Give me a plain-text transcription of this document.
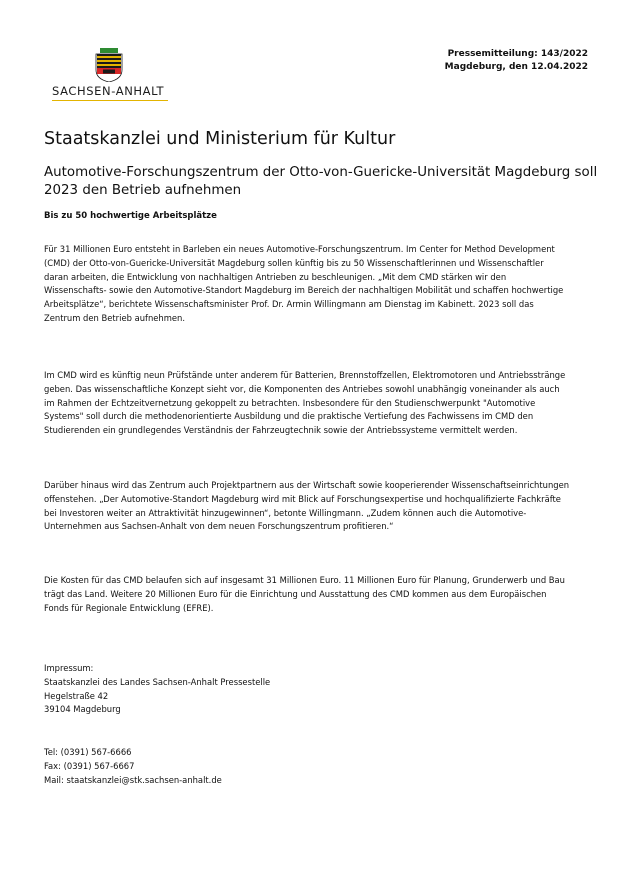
SACHSEN-ANHALT
Pressemitteilung: 143/2022
Magdeburg, den 12.04.2022
Staatskanzlei und Ministerium für Kultur
Automotive-Forschungszentrum der Otto-von-Guericke-Universität Magdeburg soll
2023 den Betrieb aufnehmen
Bis zu 50 hochwertige Arbeitsplätze
Für 31 Millionen Euro entsteht in Barleben ein neues Automotive-Forschungszentrum. Im Center for Method Development
(CMD) der Otto-von-Guericke-Universität Magdeburg sollen künftig bis zu 50 Wissenschaftlerinnen und Wissenschaftler
daran arbeiten, die Entwicklung von nachhaltigen Antrieben zu beschleunigen. „Mit dem CMD stärken wir den
Wissenschafts- sowie den Automotive-Standort Magdeburg im Bereich der nachhaltigen Mobilität und schaffen hochwertige
Arbeitsplätze“, berichtete Wissenschaftsminister Prof. Dr. Armin Willingmann am Dienstag im Kabinett. 2023 soll das
Zentrum den Betrieb aufnehmen.
Im CMD wird es künftig neun Prüfstände unter anderem für Batterien, Brennstoffzellen, Elektromotoren und Antriebsstränge
geben. Das wissenschaftliche Konzept sieht vor, die Komponenten des Antriebes sowohl unabhängig voneinander als auch
im Rahmen der Echtzeitvernetzung gekoppelt zu betrachten. Insbesondere für den Studienschwerpunkt "Automotive
Systems" soll durch die methodenorientierte Ausbildung und die praktische Vertiefung des Fachwissens im CMD den
Studierenden ein grundlegendes Verständnis der Fahrzeugtechnik sowie der Antriebssysteme vermittelt werden.
Darüber hinaus wird das Zentrum auch Projektpartnern aus der Wirtschaft sowie kooperierender Wissenschaftseinrichtungen
offenstehen. „Der Automotive-Standort Magdeburg wird mit Blick auf Forschungsexpertise und hochqualifizierte Fachkräfte
bei Investoren weiter an Attraktivität hinzugewinnen“, betonte Willingmann. „Zudem können auch die Automotive-
Unternehmen aus Sachsen-Anhalt von dem neuen Forschungszentrum profitieren.“
Die Kosten für das CMD belaufen sich auf insgesamt 31 Millionen Euro. 11 Millionen Euro für Planung, Grunderwerb und Bau
trägt das Land. Weitere 20 Millionen Euro für die Einrichtung und Ausstattung des CMD kommen aus dem Europäischen
Fonds für Regionale Entwicklung (EFRE).
Impressum:
Staatskanzlei des Landes Sachsen-Anhalt Pressestelle
Hegelstraße 42
39104 Magdeburg
Tel: (0391) 567-6666
Fax: (0391) 567-6667
Mail: staatskanzlei@stk.sachsen-anhalt.de
